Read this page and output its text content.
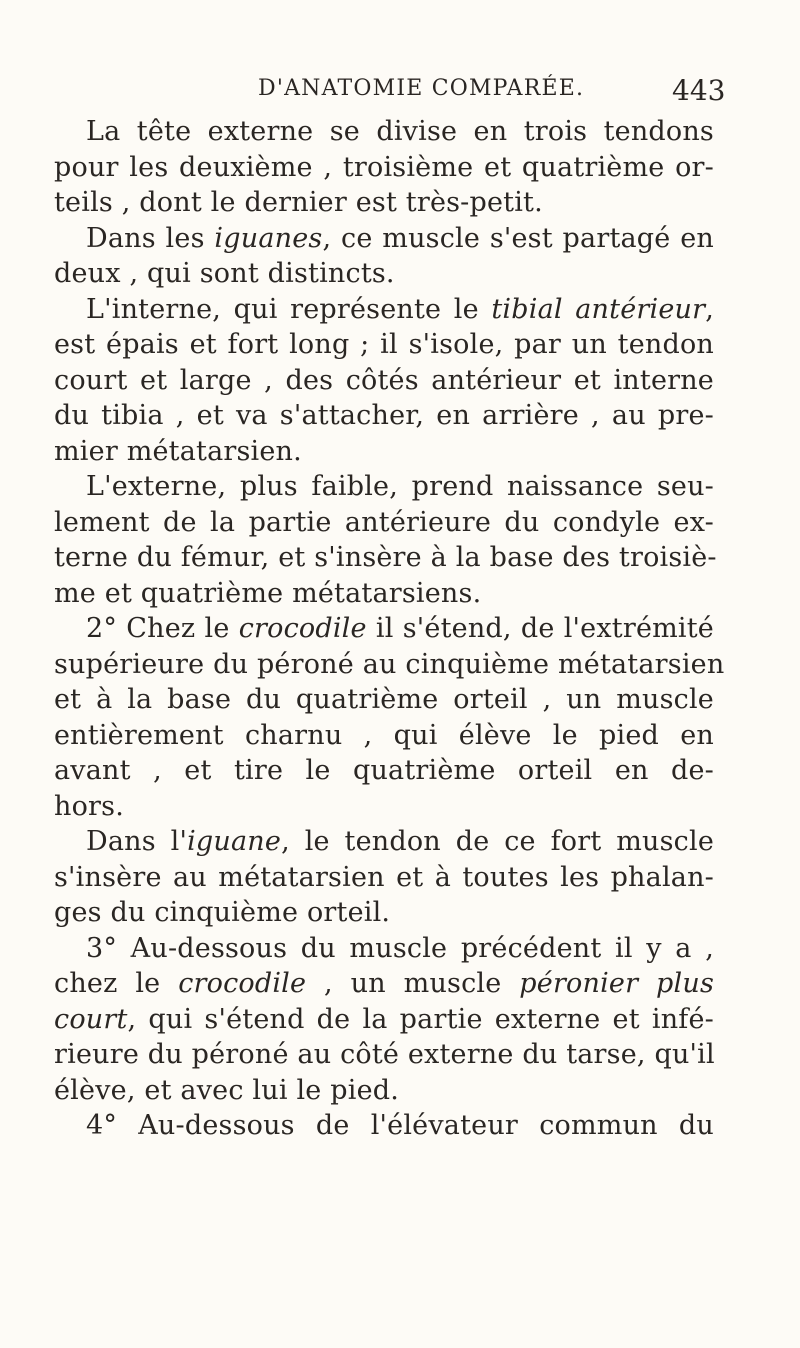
D'ANATOMIE COMPARÉE.	443
La tête externe se divise en trois tendons
pour les deuxième , troisième et quatrième or-
teils , dont le dernier est très-petit.
Dans les iguanes, ce muscle s'est partagé en
deux , qui sont distincts.
L'interne, qui représente le tibial antérieur,
est épais et fort long ; il s'isole, par un tendon
court et large , des côtés antérieur et interne
du tibia , et va s'attacher, en arrière , au pre-
mier métatarsien.
L'externe, plus faible, prend naissance seu-
lement de la partie antérieure du condyle ex-
terne du fémur, et s'insère à la base des troisiè-
me et quatrième métatarsiens.
2° Chez le crocodile il s'étend, de l'extrémité
supérieure du péroné au cinquième métatarsien
et à la base du quatrième orteil , un muscle
entièrement charnu , qui élève le pied en
avant , et tire le quatrième orteil en de-
hors.
Dans l'iguane, le tendon de ce fort muscle
s'insère au métatarsien et à toutes les phalan-
ges du cinquième orteil.
3° Au-dessous du muscle précédent il y a ,
chez le crocodile , un muscle péronier plus
court, qui s'étend de la partie externe et infé-
rieure du péroné au côté externe du tarse, qu'il
élève, et avec lui le pied.
4° Au-dessous de l'élévateur commun du
